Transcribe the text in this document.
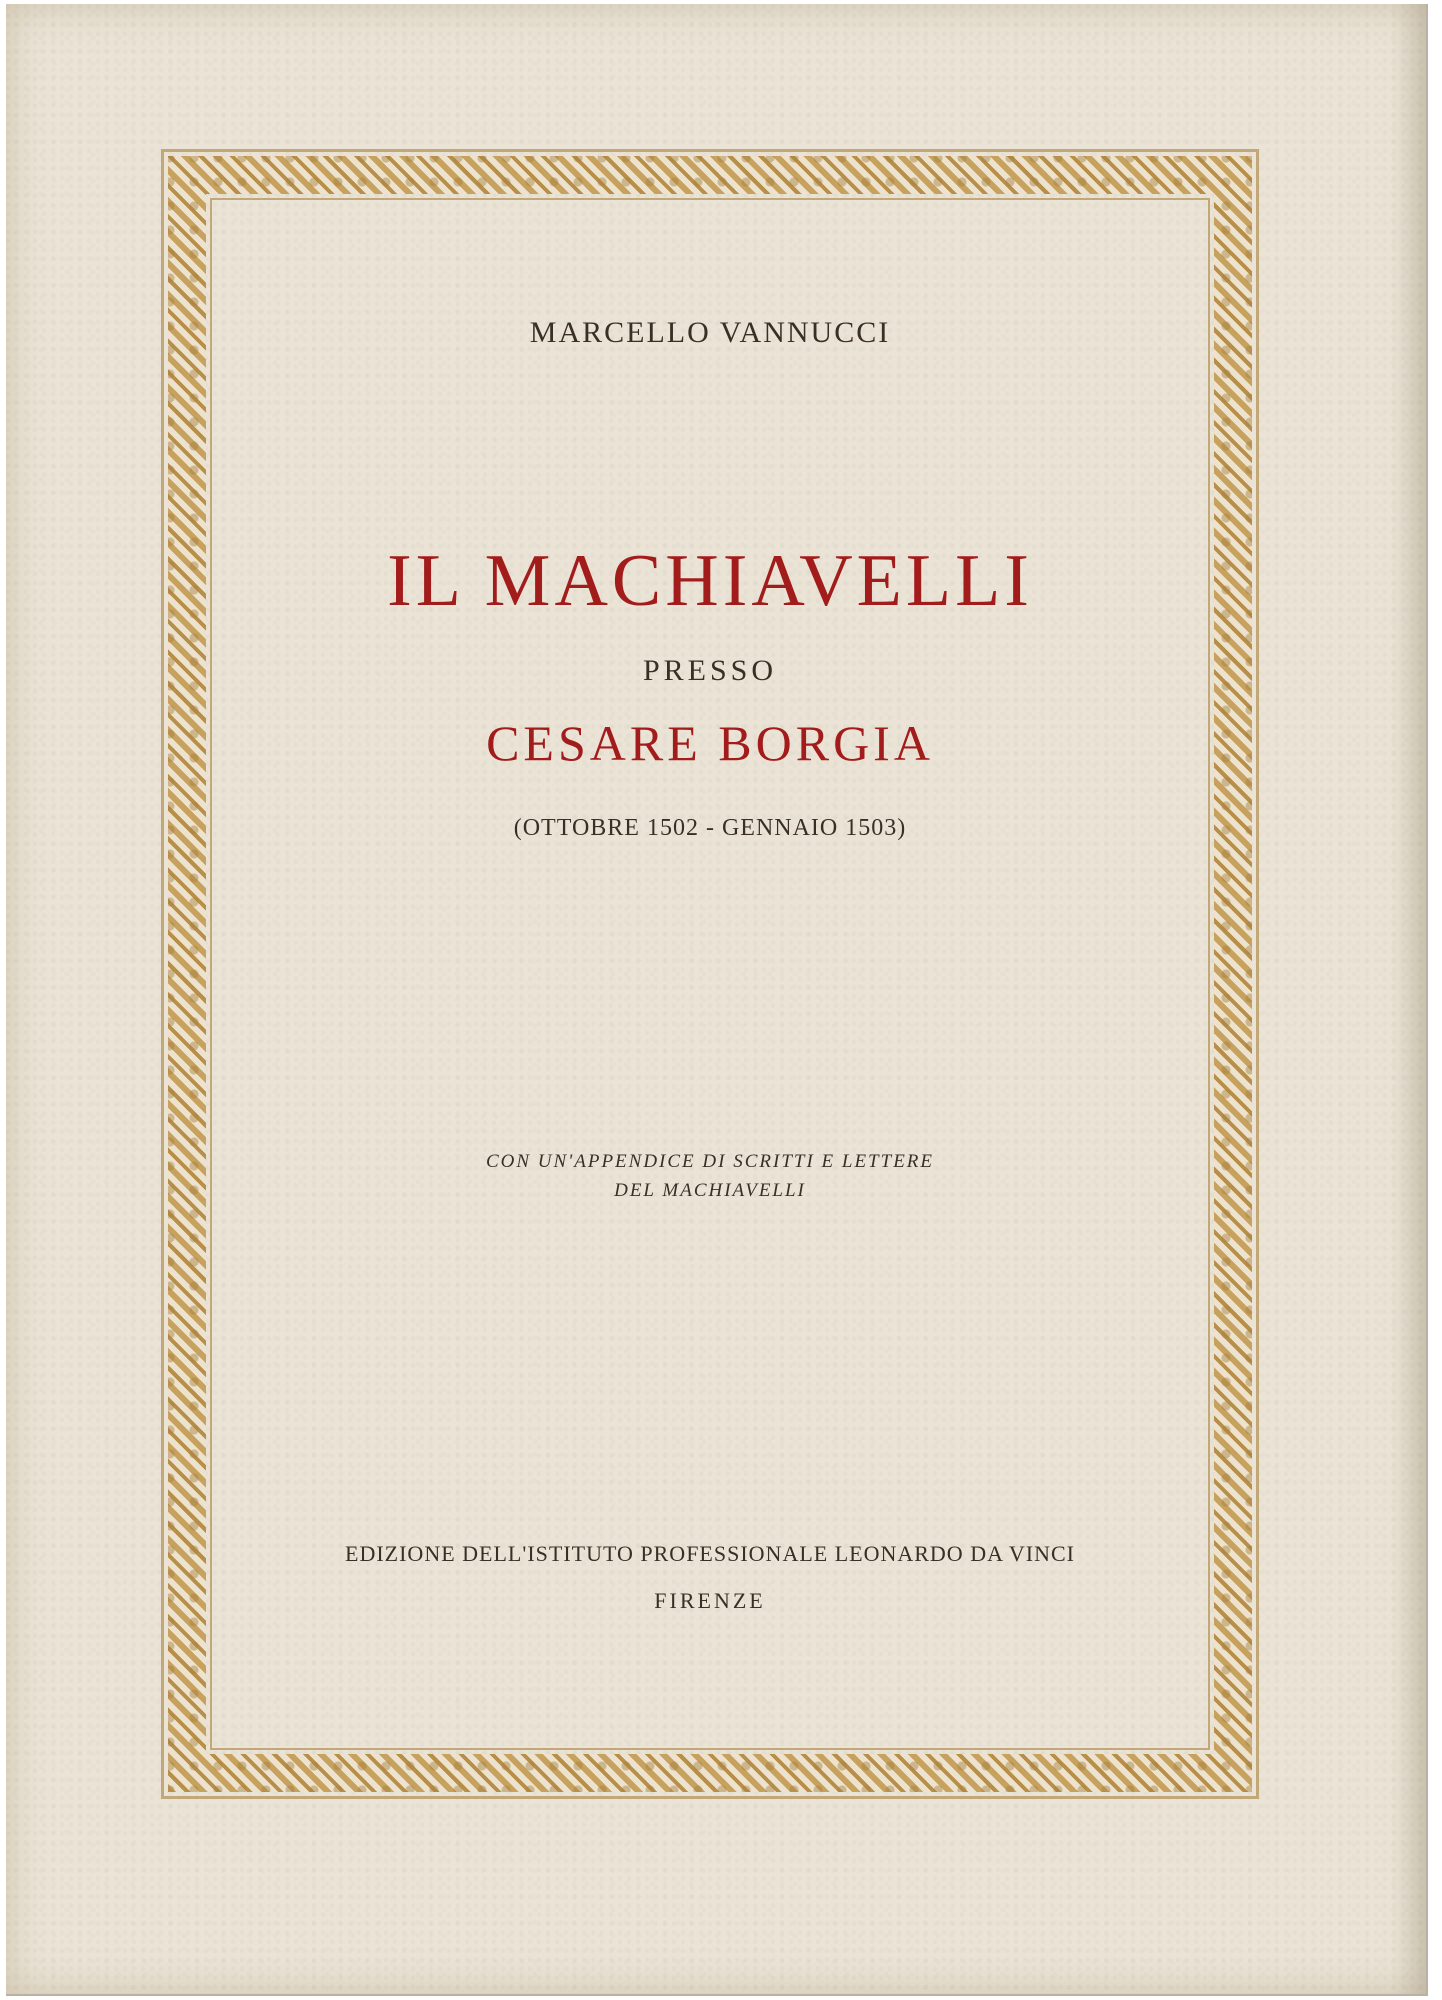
MARCELLO VANNUCCI
IL MACHIAVELLI
PRESSO
CESARE BORGIA
(OTTOBRE 1502 - GENNAIO 1503)
CON UN'APPENDICE DI SCRITTI E LETTERE
DEL MACHIAVELLI
EDIZIONE DELL'ISTITUTO PROFESSIONALE LEONARDO DA VINCI
FIRENZE
